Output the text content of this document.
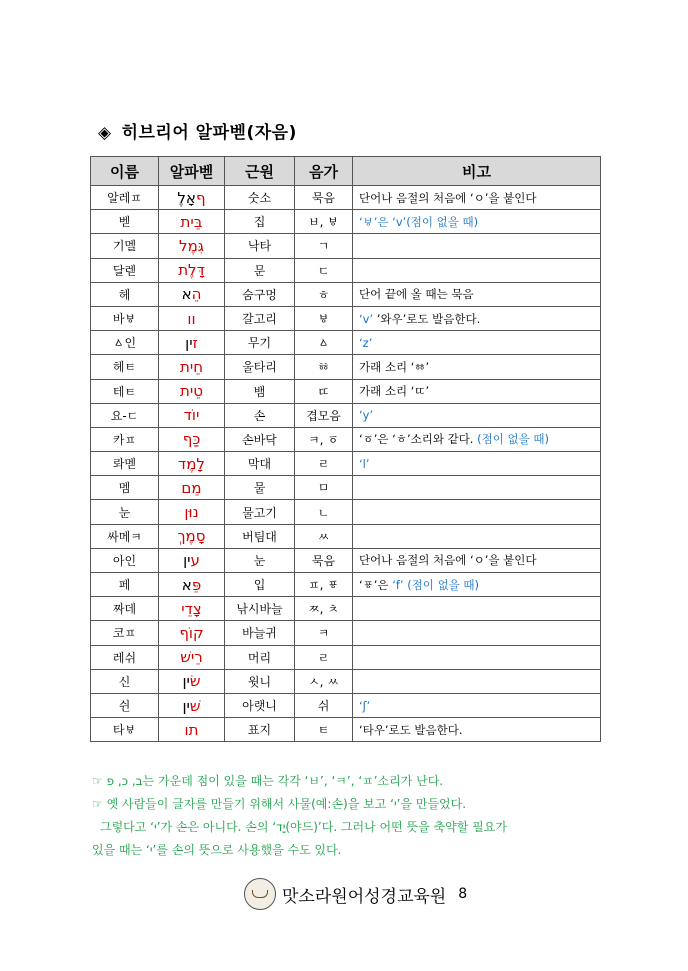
◈ 히브리어 알파벧(자음)
이름	알파벧	근원	음가	비고
알레ㅍ	ףאָלֶ	숫소	묵음	단어나 음절의 처음에 ‘ㅇ’을 붙인다
벧	בֵּית	집	ㅂ, ㅸ	‘ㅸ’은 ‘v’(점이 없을 때)
기멜	גִּמֶל	낙타	ㄱ	
달렏	דָּלֶת	문	ㄷ	
헤	הֵא	숨구멍	ㅎ	단어 끝에 올 때는 묵음
바ㅸ	וו	갈고리	ㅸ	‘v’ ’와우’로도 발음한다.
ㅿ인	זין	무기	ㅿ	‘z’
헤ㅌ	חֵית	울타리	ㆅ	가래 소리 ‘ㆅ’
테ㅌ	טֵית	뱀	ㄸ	가래 소리 ‘ㄸ’
요-ㄷ	יוֹד	손	겹모음	‘y’
카ㅍ	כַּף	손바닥	ㅋ, ㆆ	‘ㆆ’은 ‘ㅎ’소리와 같다. (점이 없을 때)
롸멛	לָמֶד	막대	ㄹ	‘l’
멤	מֵם	물	ㅁ	
눈	נוּן	물고기	ㄴ	
싸메ㅋ	סָמֶךְ	버팀대	ㅆ	
아인	עין	눈	묵음	단어나 음절의 처음에 ‘ㅇ’을 붙인다
페	פֵּא	입	ㅍ, ㆄ	‘ㆄ’은 ‘f’ (점이 없을 때)
짜데	צָדֵי	낚시바늘	ㅉ, ㅊ	
코ㅍ	קוֹף	바늘귀	ㅋ	
레쉬	רֵישׁ	머리	ㄹ	
신	שׂין	윗니	ㅅ, ㅆ	
쉰	שׁין	아랫니	쉬	‘ʃ’
타ㅸ	תו	표지	ㅌ	‘타우’로도 발음한다.
☞ ב, כ, פ는 가운데 점이 있을 때는 각각 ‘ㅂ’, ‘ㅋ’, ‘ㅍ’소리가 난다.
☞ 옛 사람들이 글자를 만들기 위해서 사물(예:손)을 보고 ‘י’을 만들었다.
그렇다고 ‘י’가 손은 아니다. 손의 ‘יָד(야드)’다. 그러나 어떤 뜻을 축약할 필요가
있을 때는 ‘י’를 손의 뜻으로 사용했을 수도 있다.
맛소라원어성경교육원 8
